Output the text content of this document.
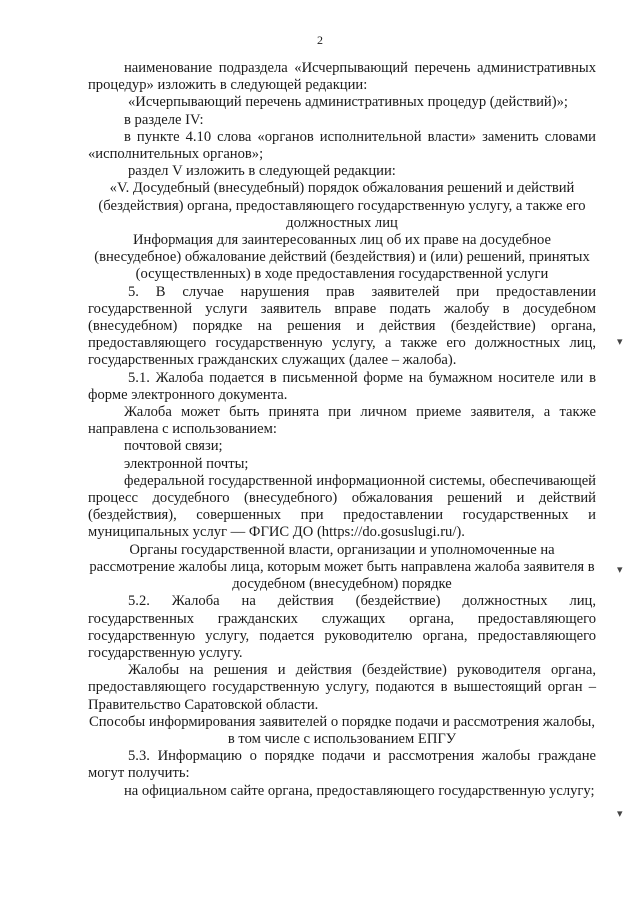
2

наименование подраздела «Исчерпывающий перечень административных процедур» изложить в следующей редакции:

«Исчерпывающий перечень административных процедур (действий)»;

в разделе IV:

в пункте 4.10 слова «органов исполнительной власти» заменить словами «исполнительных органов»;

раздел V изложить в следующей редакции:

«V. Досудебный (внесудебный) порядок обжалования решений и действий (бездействия) органа, предоставляющего государственную услугу, а также его должностных лиц

Информация для заинтересованных лиц об их праве на досудебное (внесудебное) обжалование действий (бездействия) и (или) решений, принятых (осуществленных) в ходе предоставления государственной услуги

5. В случае нарушения прав заявителей при предоставлении государственной услуги заявитель вправе подать жалобу в досудебном (внесудебном) порядке на решения и действия (бездействие) органа, предоставляющего государственную услугу, а также его должностных лиц, государственных гражданских служащих (далее – жалоба).

5.1. Жалоба подается в письменной форме на бумажном носителе или в форме электронного документа.

Жалоба может быть принята при личном приеме заявителя, а также направлена с использованием:

почтовой связи;

электронной почты;

федеральной государственной информационной системы, обеспечивающей процесс досудебного (внесудебного) обжалования решений и действий (бездействия), совершенных при предоставлении государственных и муниципальных услуг — ФГИС ДО (https://do.gosuslugi.ru/).

Органы государственной власти, организации и уполномоченные на рассмотрение жалобы лица, которым может быть направлена жалоба заявителя в досудебном (внесудебном) порядке

5.2. Жалоба на действия (бездействие) должностных лиц, государственных гражданских служащих органа, предоставляющего государственную услугу, подается руководителю органа, предоставляющего государственную услугу.

Жалобы на решения и действия (бездействие) руководителя органа, предоставляющего государственную услугу, подаются в вышестоящий орган – Правительство Саратовской области.

Способы информирования заявителей о порядке подачи и рассмотрения жалобы, в том числе с использованием ЕПГУ

5.3. Информацию о порядке подачи и рассмотрения жалобы граждане могут получить:

на официальном сайте органа, предоставляющего государственную услугу;

▾
▾
▾
